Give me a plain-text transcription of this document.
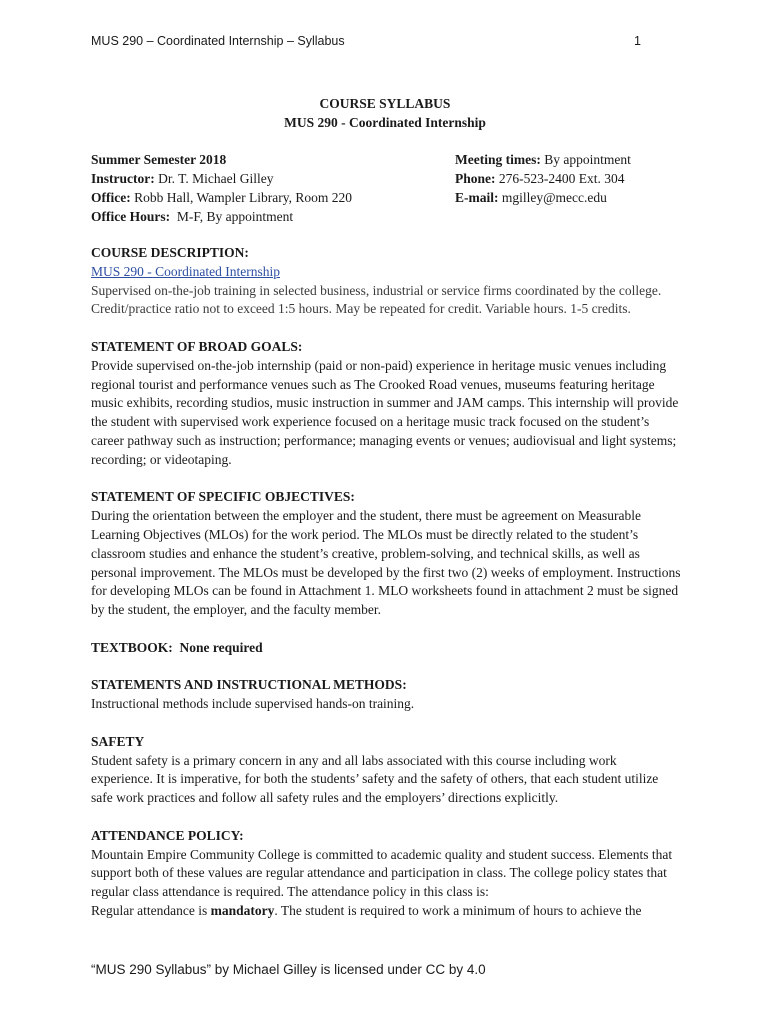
MUS 290 – Coordinated Internship – Syllabus	1
COURSE SYLLABUS
MUS 290 - Coordinated Internship
Summer Semester 2018
Instructor: Dr. T. Michael Gilley
Office: Robb Hall, Wampler Library, Room 220
Office Hours:  M-F, By appointment
Meeting times: By appointment
Phone: 276-523-2400 Ext. 304
E-mail: mgilley@mecc.edu
COURSE DESCRIPTION:
MUS 290 - Coordinated Internship
Supervised on-the-job training in selected business, industrial or service firms coordinated by the college. Credit/practice ratio not to exceed 1:5 hours. May be repeated for credit. Variable hours. 1-5 credits.
STATEMENT OF BROAD GOALS:
Provide supervised on-the-job internship (paid or non-paid) experience in heritage music venues including regional tourist and performance venues such as The Crooked Road venues, museums featuring heritage music exhibits, recording studios, music instruction in summer and JAM camps. This internship will provide the student with supervised work experience focused on a heritage music track focused on the student’s career pathway such as instruction; performance; managing events or venues; audiovisual and light systems; recording; or videotaping.
STATEMENT OF SPECIFIC OBJECTIVES:
During the orientation between the employer and the student, there must be agreement on Measurable Learning Objectives (MLOs) for the work period. The MLOs must be directly related to the student’s classroom studies and enhance the student’s creative, problem-solving, and technical skills, as well as personal improvement. The MLOs must be developed by the first two (2) weeks of employment. Instructions for developing MLOs can be found in Attachment 1. MLO worksheets found in attachment 2 must be signed by the student, the employer, and the faculty member.
TEXTBOOK:  None required
STATEMENTS AND INSTRUCTIONAL METHODS:
Instructional methods include supervised hands-on training.
SAFETY
Student safety is a primary concern in any and all labs associated with this course including work experience. It is imperative, for both the students’ safety and the safety of others, that each student utilize safe work practices and follow all safety rules and the employers’ directions explicitly.
ATTENDANCE POLICY:
Mountain Empire Community College is committed to academic quality and student success. Elements that support both of these values are regular attendance and participation in class. The college policy states that regular class attendance is required. The attendance policy in this class is:
Regular attendance is mandatory. The student is required to work a minimum of hours to achieve the
“MUS 290 Syllabus” by Michael Gilley is licensed under CC by 4.0
